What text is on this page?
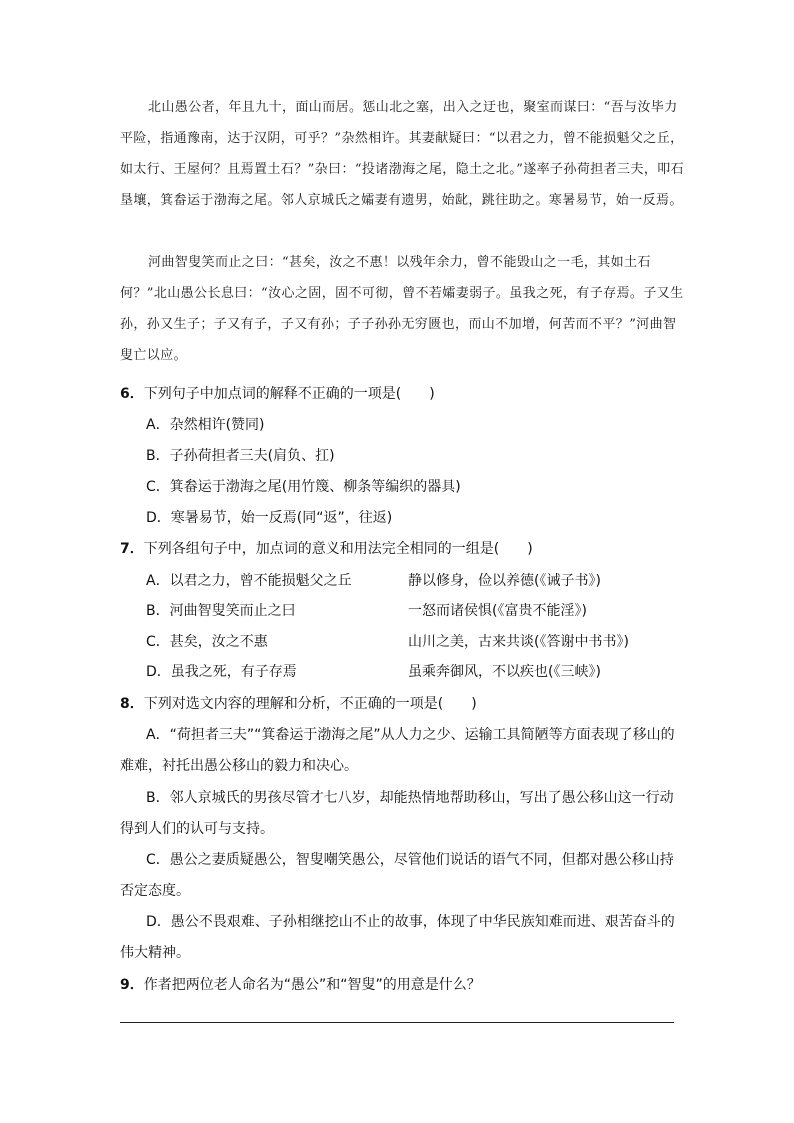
北山愚公者，年且九十，面山而居。惩山北之塞，出入之迂也，聚室而谋曰：“吾与汝毕力平险，指通豫南，达于汉阴，可乎？”杂然相许。其妻献疑曰：“以君之力，曾不能损魁父之丘，如太行、王屋何？且焉置土石？”杂曰：“投诸渤海之尾，隐土之北。”遂率子孙荷担者三夫，叩石垦壤，箕畚运于渤海之尾。邻人京城氏之孀妻有遗男，始龀，跳往助之。寒暑易节，始一反焉。

河曲智叟笑而止之曰：“甚矣，汝之不惠！以残年余力，曾不能毁山之一毛，其如土石何？”北山愚公长息曰：“汝心之固，固不可彻，曾不若孀妻弱子。虽我之死，有子存焉。子又生孙，孙又生子；子又有子，子又有孙；子子孙孙无穷匮也，而山不加增，何苦而不平？”河曲智叟亡以应。

6．下列句子中加点词的解释不正确的一项是(　　)
A．杂然相许(赞同)
B．子孙荷担者三夫(肩负、扛)
C．箕畚运于渤海之尾(用竹篾、柳条等编织的器具)
D．寒暑易节，始一反焉(同“返”，往返)
7．下列各组句子中，加点词的意义和用法完全相同的一组是(　　)
A．以君之力，曾不能损魁父之丘	静以修身，俭以养德(《诫子书》)
B．河曲智叟笑而止之曰	一怒而诸侯惧(《富贵不能淫》)
C．甚矣，汝之不惠	山川之美，古来共谈(《答谢中书书》)
D．虽我之死，有子存焉	虽乘奔御风，不以疾也(《三峡》)
8．下列对选文内容的理解和分析，不正确的一项是(　　)

A．“荷担者三夫”“箕畚运于渤海之尾”从人力之少、运输工具简陋等方面表现了移山的难难，衬托出愚公移山的毅力和决心。

B．邻人京城氏的男孩尽管才七八岁，却能热情地帮助移山，写出了愚公移山这一行动得到人们的认可与支持。

C．愚公之妻质疑愚公，智叟嘲笑愚公，尽管他们说话的语气不同，但都对愚公移山持否定态度。

D．愚公不畏艰难、子孙相继挖山不止的故事，体现了中华民族知难而进、艰苦奋斗的伟大精神。

9．作者把两位老人命名为“愚公”和“智叟”的用意是什么？
